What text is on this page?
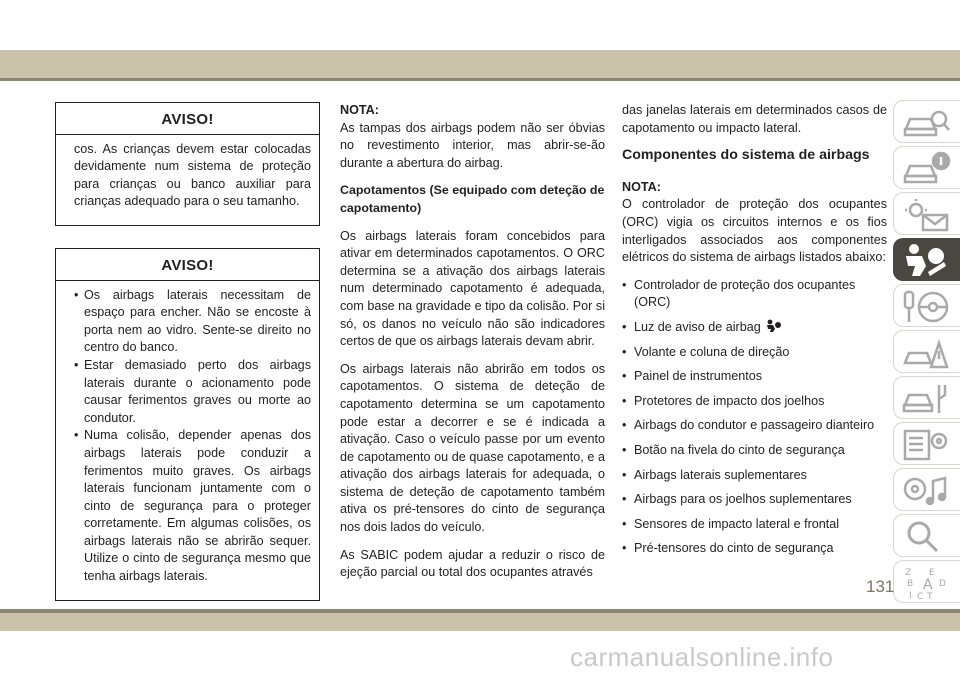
AVISO!
cos. As crianças devem estar colocadas devidamente num sistema de proteção para crianças ou banco auxiliar para crianças adequado para o seu tamanho.
AVISO!
• Os airbags laterais necessitam de espaço para encher. Não se encoste à porta nem ao vidro. Sente-se direito no centro do banco.
• Estar demasiado perto dos airbags laterais durante o acionamento pode causar ferimentos graves ou morte ao condutor.
• Numa colisão, depender apenas dos airbags laterais pode conduzir a ferimentos muito graves. Os airbags laterais funcionam juntamente com o cinto de segurança para o proteger corretamente. Em algumas colisões, os airbags laterais não se abrirão sequer. Utilize o cinto de segurança mesmo que tenha airbags laterais.
NOTA:

As tampas dos airbags podem não ser óbvias no revestimento interior, mas abrir-se-ão durante a abertura do airbag.

Capotamentos (Se equipado com deteção de capotamento)

Os airbags laterais foram concebidos para ativar em determinados capotamentos. O ORC determina se a ativação dos airbags laterais num determinado capotamento é adequada, com base na gravidade e tipo da colisão. Por si só, os danos no veículo não são indicadores certos de que os airbags laterais devam abrir.

Os airbags laterais não abrirão em todos os capotamentos. O sistema de deteção de capotamento determina se um capotamento pode estar a decorrer e se é indicada a ativação. Caso o veículo passe por um evento de capotamento ou de quase capotamento, e a ativação dos airbags laterais for adequada, o sistema de deteção de capotamento também ativa os pré-tensores do cinto de segurança nos dois lados do veículo.

As SABIC podem ajudar a reduzir o risco de ejeção parcial ou total dos ocupantes através

das janelas laterais em determinados casos de capotamento ou impacto lateral.

Componentes do sistema de airbags
NOTA:

O controlador de proteção dos ocupantes (ORC) vigia os circuitos internos e os fios interligados associados aos componentes elétricos do sistema de airbags listados abaixo:

• Controlador de proteção dos ocupantes (ORC)
• Luz de aviso de airbag
• Volante e coluna de direção
• Painel de instrumentos
• Protetores de impacto dos joelhos
• Airbags do condutor e passageiro dianteiro
• Botão na fivela do cinto de segurança
• Airbags laterais suplementares
• Airbags para os joelhos suplementares
• Sensores de impacto lateral e frontal
• Pré-tensores do cinto de segurança
Z E
B A D
I C T
131
carmanualsonline.info
